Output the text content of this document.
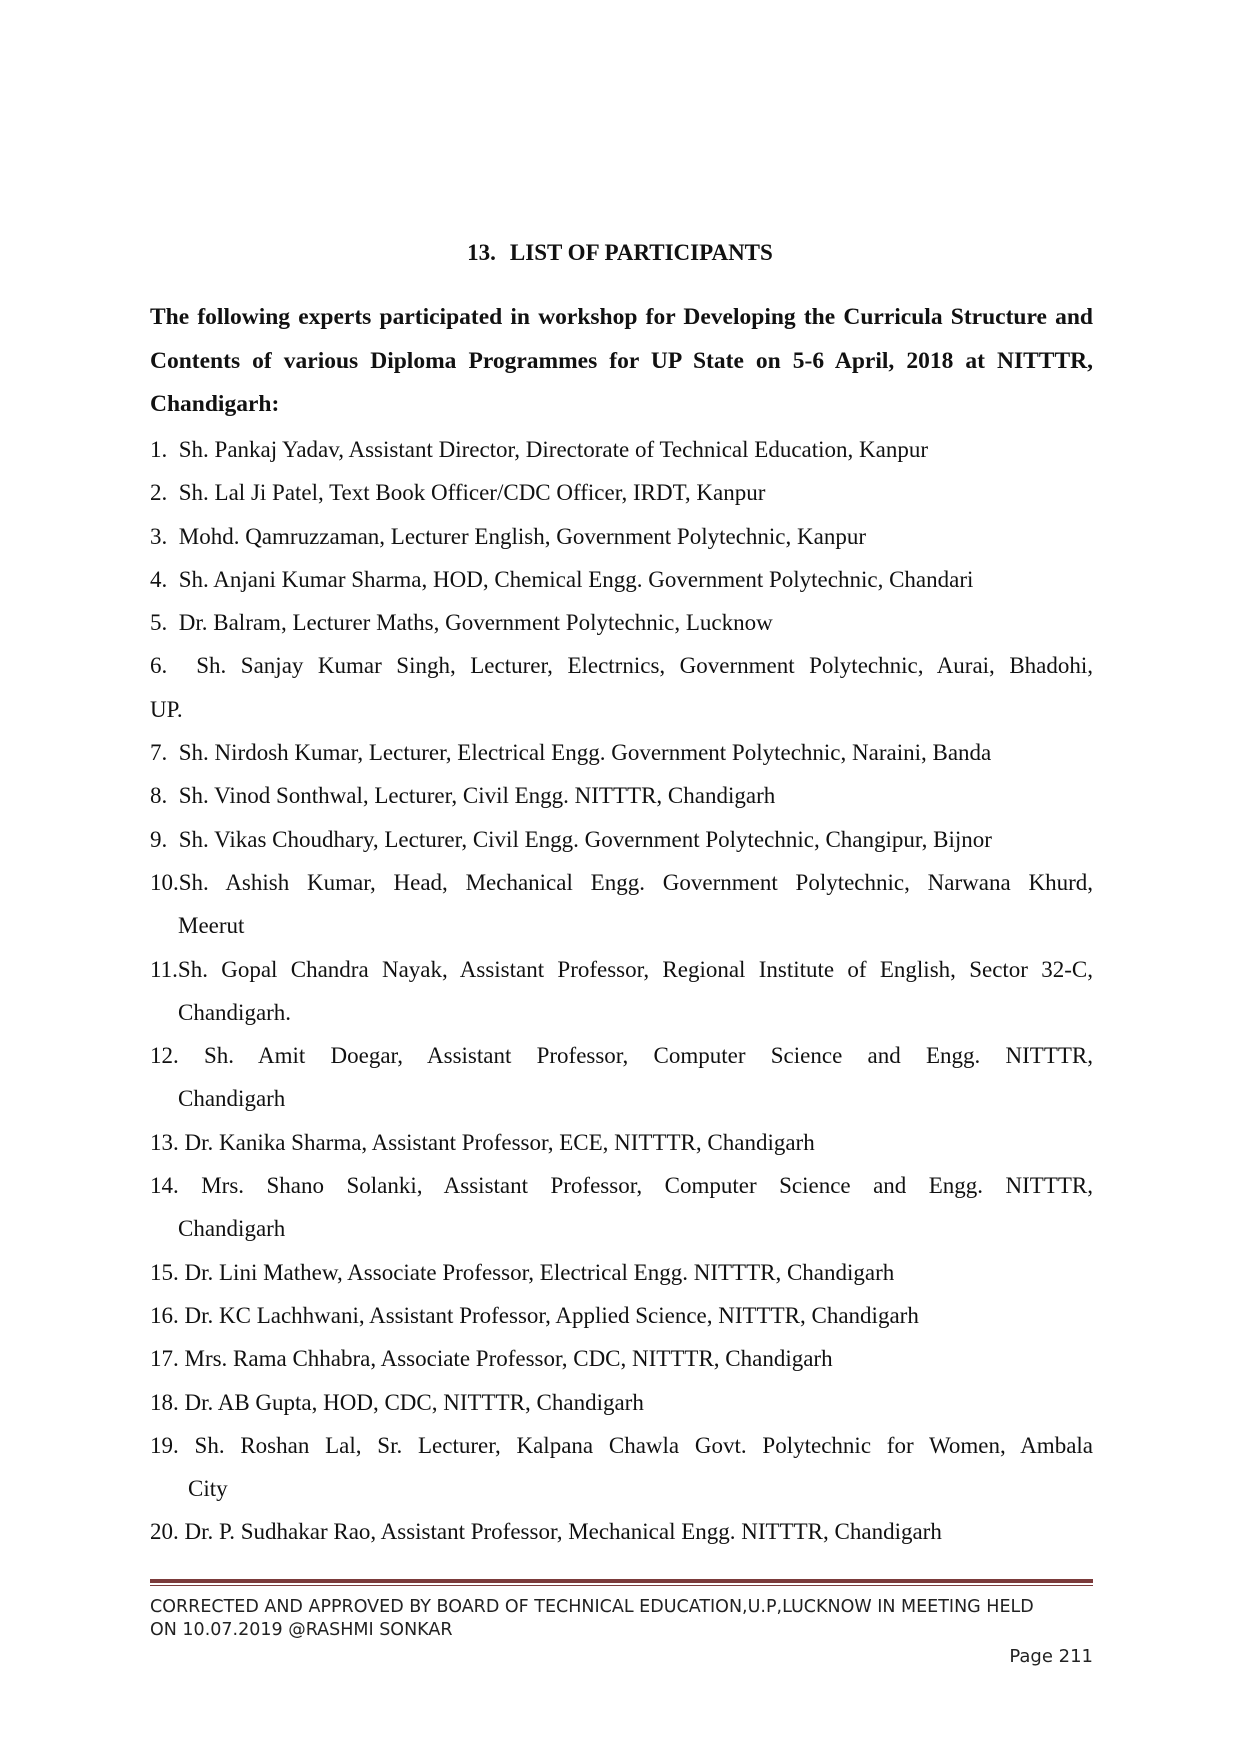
13. LIST OF PARTICIPANTS
The following experts participated in workshop for Developing the Curricula Structure and Contents of various Diploma Programmes for UP State on 5-6 April, 2018 at NITTTR, Chandigarh:
1. Sh. Pankaj Yadav, Assistant Director, Directorate of Technical Education, Kanpur
2. Sh. Lal Ji Patel, Text Book Officer/CDC Officer, IRDT, Kanpur
3. Mohd. Qamruzzaman, Lecturer English, Government Polytechnic, Kanpur
4. Sh. Anjani Kumar Sharma, HOD, Chemical Engg. Government Polytechnic, Chandari
5. Dr. Balram, Lecturer Maths, Government Polytechnic, Lucknow
6. Sh. Sanjay Kumar Singh, Lecturer, Electrnics, Government Polytechnic, Aurai, Bhadohi,
UP.
7. Sh. Nirdosh Kumar, Lecturer, Electrical Engg. Government Polytechnic, Naraini, Banda
8. Sh. Vinod Sonthwal, Lecturer, Civil Engg. NITTTR, Chandigarh
9. Sh. Vikas Choudhary, Lecturer, Civil Engg. Government Polytechnic, Changipur, Bijnor
10.Sh. Ashish Kumar, Head, Mechanical Engg. Government Polytechnic, Narwana Khurd,
Meerut
11.Sh. Gopal Chandra Nayak, Assistant Professor, Regional Institute of English, Sector 32-C,
Chandigarh.
12. Sh. Amit Doegar, Assistant Professor, Computer Science and Engg. NITTTR,
Chandigarh
13. Dr. Kanika Sharma, Assistant Professor, ECE, NITTTR, Chandigarh
14. Mrs. Shano Solanki, Assistant Professor, Computer Science and Engg. NITTTR,
Chandigarh
15. Dr. Lini Mathew, Associate Professor, Electrical Engg. NITTTR, Chandigarh
16. Dr. KC Lachhwani, Assistant Professor, Applied Science, NITTTR, Chandigarh
17. Mrs. Rama Chhabra, Associate Professor, CDC, NITTTR, Chandigarh
18. Dr. AB Gupta, HOD, CDC, NITTTR, Chandigarh
19. Sh. Roshan Lal, Sr. Lecturer, Kalpana Chawla Govt. Polytechnic for Women, Ambala
City
20. Dr. P. Sudhakar Rao, Assistant Professor, Mechanical Engg. NITTTR, Chandigarh
CORRECTED AND APPROVED BY BOARD OF TECHNICAL EDUCATION,U.P,LUCKNOW IN MEETING HELD
ON 10.07.2019 @RASHMI SONKAR
Page 211
